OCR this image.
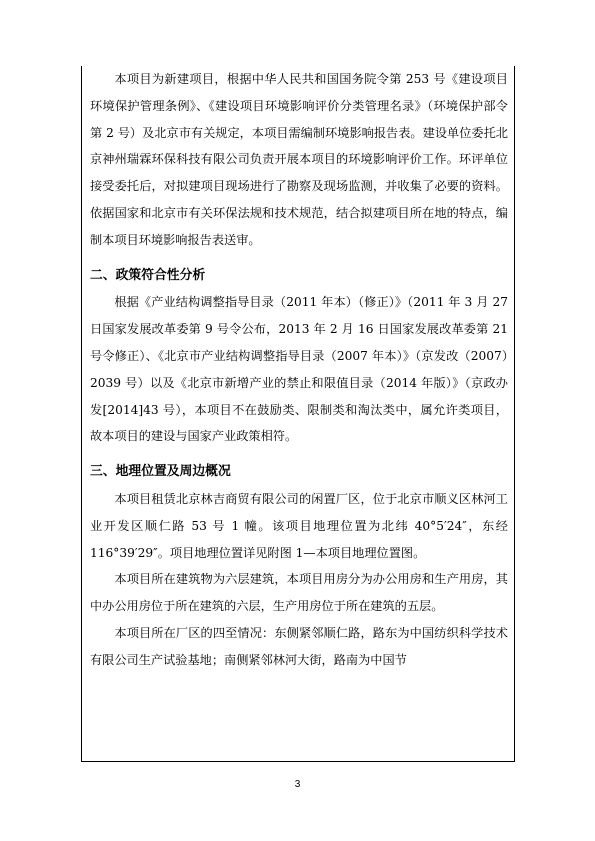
本项目为新建项目，根据中华人民共和国国务院令第 253 号《建设项目环境保护管理条例》、《建设项目环境影响评价分类管理名录》（环境保护部令第 2 号）及北京市有关规定，本项目需编制环境影响报告表。建设单位委托北京神州瑞霖环保科技有限公司负责开展本项目的环境影响评价工作。环评单位接受委托后，对拟建项目现场进行了勘察及现场监测，并收集了必要的资料。依据国家和北京市有关环保法规和技术规范，结合拟建项目所在地的特点，编制本项目环境影响报告表送审。

二、政策符合性分析

根据《产业结构调整指导目录（2011 年本）（修正）》（2011 年 3 月 27 日国家发展改革委第 9 号令公布，2013 年 2 月 16 日国家发展改革委第 21 号令修正）、《北京市产业结构调整指导目录（2007 年本）》（京发改（2007）2039 号）以及《北京市新增产业的禁止和限值目录（2014 年版）》（京政办发[2014]43 号），本项目不在鼓励类、限制类和淘汰类中，属允许类项目，故本项目的建设与国家产业政策相符。

三、地理位置及周边概况

本项目租赁北京林吉商贸有限公司的闲置厂区，位于北京市顺义区林河工业开发区顺仁路 53 号 1 幢。该项目地理位置为北纬 40°5′24″，东经 116°39′29″。项目地理位置详见附图 1—本项目地理位置图。

本项目所在建筑物为六层建筑，本项目用房分为办公用房和生产用房，其中办公用房位于所在建筑的六层，生产用房位于所在建筑的五层。

本项目所在厂区的四至情况：东侧紧邻顺仁路，路东为中国纺织科学技术有限公司生产试验基地；南侧紧邻林河大街，路南为中国节

3
